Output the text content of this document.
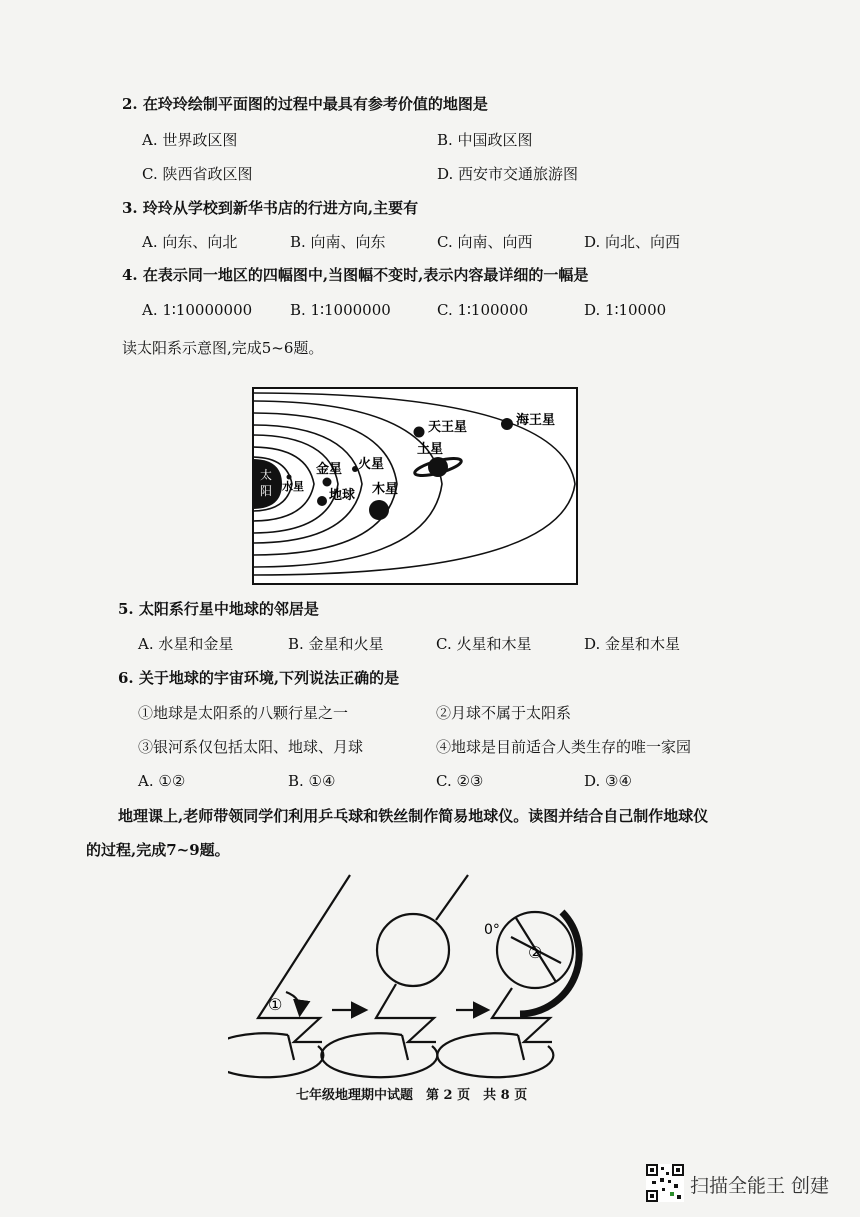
2. 在玲玲绘制平面图的过程中最具有参考价值的地图是
A. 世界政区图	B. 中国政区图
C. 陕西省政区图	D. 西安市交通旅游图
3. 玲玲从学校到新华书店的行进方向,主要有
A. 向东、向北	B. 向南、向东	C. 向南、向西	D. 向北、向西
4. 在表示同一地区的四幅图中,当图幅不变时,表示内容最详细的一幅是
A. 1∶10000000	B. 1∶1000000	C. 1∶100000	D. 1∶10000
读太阳系示意图,完成5~6题。
太
阳 水星
金星
地球
火星
木星
土星
天王星	海王星
5. 太阳系行星中地球的邻居是
A. 水星和金星	B. 金星和火星	C. 火星和木星	D. 金星和木星
6. 关于地球的宇宙环境,下列说法正确的是
①地球是太阳系的八颗行星之一	②月球不属于太阳系
③银河系仅包括太阳、地球、月球	④地球是目前适合人类生存的唯一家园
A. ①②	B. ①④	C. ②③	D. ③④
地理课上,老师带领同学们利用乒乓球和铁丝制作简易地球仪。读图并结合自己制作地球仪
的过程,完成7~9题。
①
②
0°
七年级地理期中试题　第 2 页　共 8 页
扫描全能王 创建
